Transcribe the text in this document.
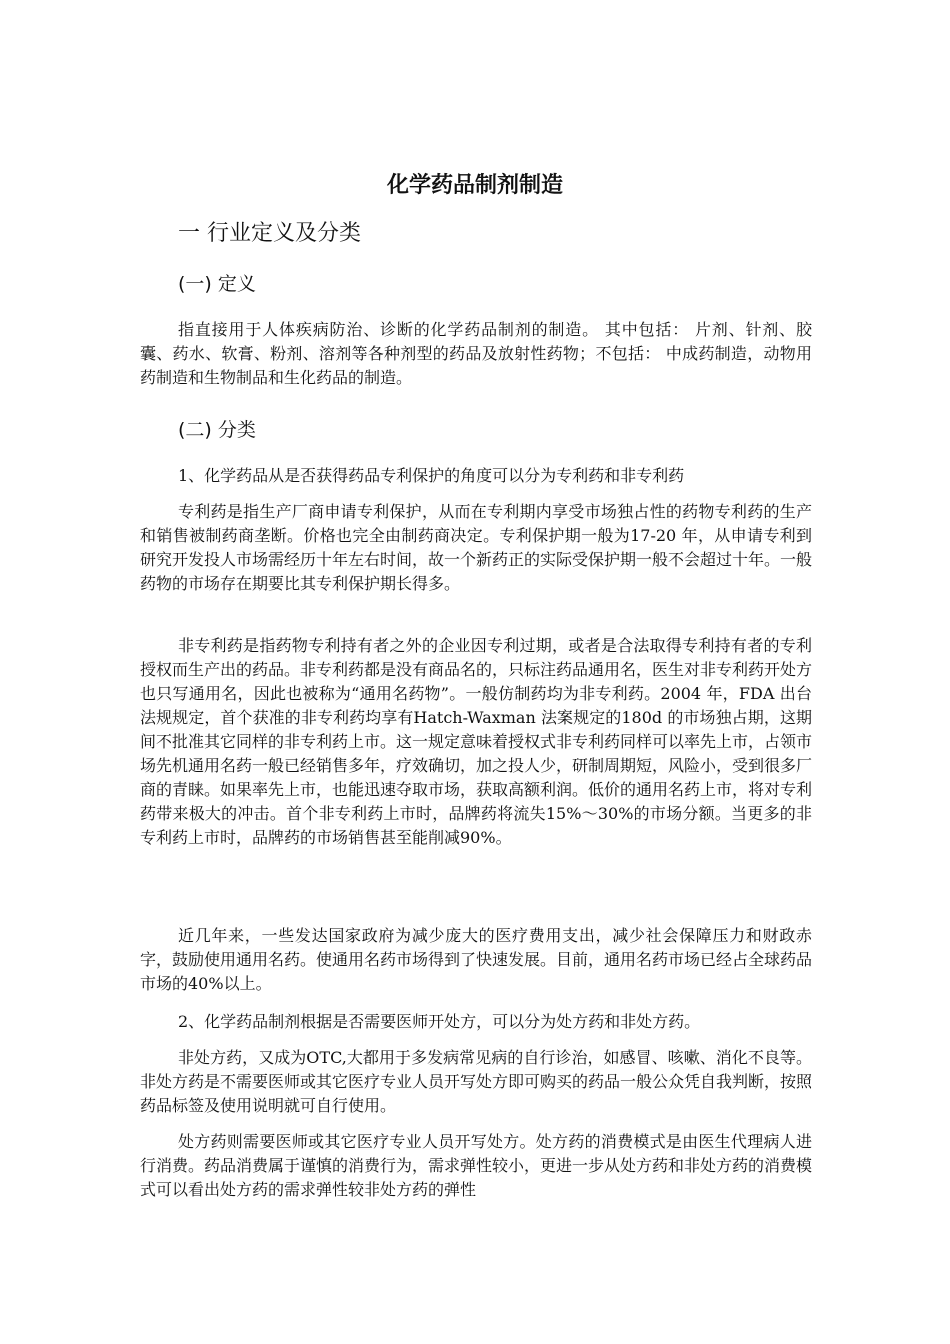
化学药品制剂制造
一 行业定义及分类
(一) 定义
指直接用于人体疾病防治、诊断的化学药品制剂的制造。 其中包括： 片剂、针剂、胶囊、药水、软膏、粉剂、溶剂等各种剂型的药品及放射性药物；不包括： 中成药制造，动物用药制造和生物制品和生化药品的制造。
(二) 分类
1、化学药品从是否获得药品专利保护的角度可以分为专利药和非专利药
专利药是指生产厂商申请专利保护，从而在专利期内享受市场独占性的药物专利药的生产和销售被制药商垄断。价格也完全由制药商决定。专利保护期一般为17-20 年，从申请专利到研究开发投人市场需经历十年左右时间，故一个新药正的实际受保护期一般不会超过十年。一般药物的市场存在期要比其专利保护期长得多。
非专利药是指药物专利持有者之外的企业因专利过期，或者是合法取得专利持有者的专利授权而生产出的药品。非专利药都是没有商品名的，只标注药品通用名，医生对非专利药开处方也只写通用名，因此也被称为“通用名药物”。一般仿制药均为非专利药。2004 年，FDA 出台法规规定，首个获准的非专利药均享有Hatch-Waxman 法案规定的180d 的市场独占期，这期间不批准其它同样的非专利药上市。这一规定意味着授权式非专利药同样可以率先上市，占领市场先机通用名药一般已经销售多年，疗效确切，加之投人少，研制周期短，风险小，受到很多厂商的青睐。如果率先上市，也能迅速夺取市场，获取高额利润。低价的通用名药上市，将对专利药带来极大的冲击。首个非专利药上市时，品牌药将流失15%～30%的市场分额。当更多的非专利药上市时，品牌药的市场销售甚至能削减90%。
近几年来，一些发达国家政府为减少庞大的医疗费用支出，减少社会保障压力和财政赤字，鼓励使用通用名药。使通用名药市场得到了快速发展。目前，通用名药市场已经占全球药品市场的40%以上。
2、化学药品制剂根据是否需要医师开处方，可以分为处方药和非处方药。
非处方药，又成为OTC,大都用于多发病常见病的自行诊治，如感冒、咳嗽、消化不良等。非处方药是不需要医师或其它医疗专业人员开写处方即可购买的药品一般公众凭自我判断，按照药品标签及使用说明就可自行使用。
处方药则需要医师或其它医疗专业人员开写处方。处方药的消费模式是由医生代理病人进行消费。药品消费属于谨慎的消费行为，需求弹性较小，更进一步从处方药和非处方药的消费模式可以看出处方药的需求弹性较非处方药的弹性
